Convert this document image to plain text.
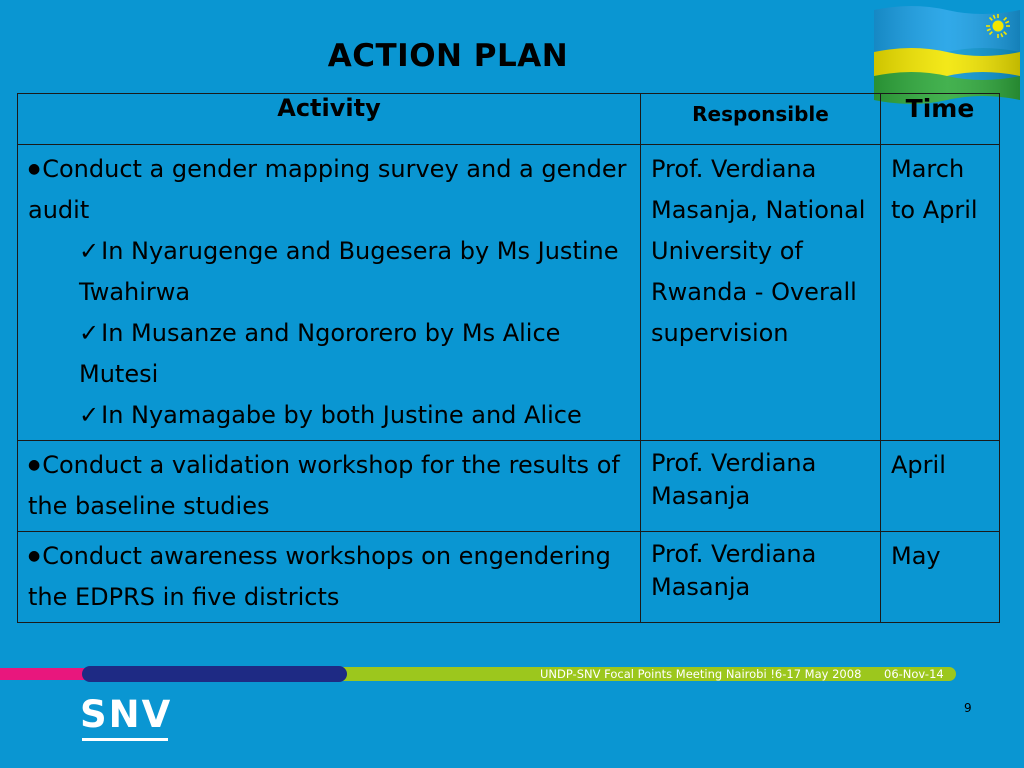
ACTION PLAN
Activity	Responsible	Time

●Conduct a gender mapping survey and a gender audit
✓In Nyarugenge and Bugesera by Ms Justine Twahirwa
✓In Musanze and Ngororero by Ms Alice Mutesi
✓In Nyamagabe by both Justine and Alice	Prof. Verdiana Masanja, National University of Rwanda - Overall supervision	March to April

●Conduct a validation workshop for the results of the baseline studies	Prof. Verdiana Masanja	April

●Conduct awareness workshops on engendering the EDPRS in five districts	Prof. Verdiana Masanja	May
UNDP-SNV Focal Points Meeting Nairobi !6-17 May 2008 06-Nov-14
SNV	9
